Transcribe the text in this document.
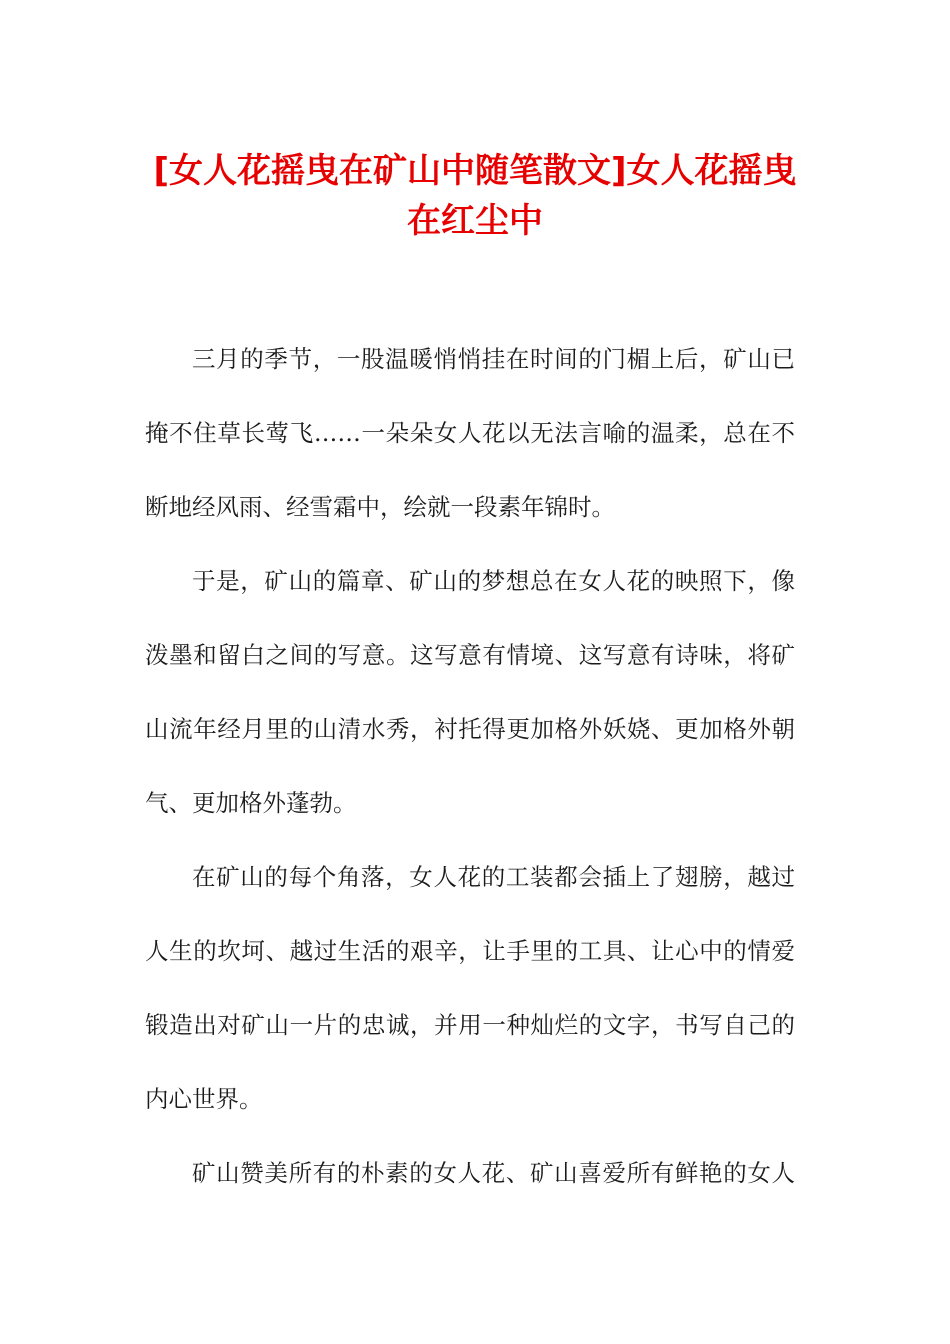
[女人花摇曳在矿山中随笔散文]女人花摇曳
在红尘中
三月的季节，一股温暖悄悄挂在时间的门楣上后，矿山已
掩不住草长莺飞……一朵朵女人花以无法言喻的温柔，总在不
断地经风雨、经雪霜中，绘就一段素年锦时。
于是，矿山的篇章、矿山的梦想总在女人花的映照下，像
泼墨和留白之间的写意。这写意有情境、这写意有诗味，将矿
山流年经月里的山清水秀，衬托得更加格外妖娆、更加格外朝
气、更加格外蓬勃。
在矿山的每个角落，女人花的工装都会插上了翅膀，越过
人生的坎坷、越过生活的艰辛，让手里的工具、让心中的情爱
锻造出对矿山一片的忠诚，并用一种灿烂的文字，书写自己的
内心世界。
矿山赞美所有的朴素的女人花、矿山喜爱所有鲜艳的女人
